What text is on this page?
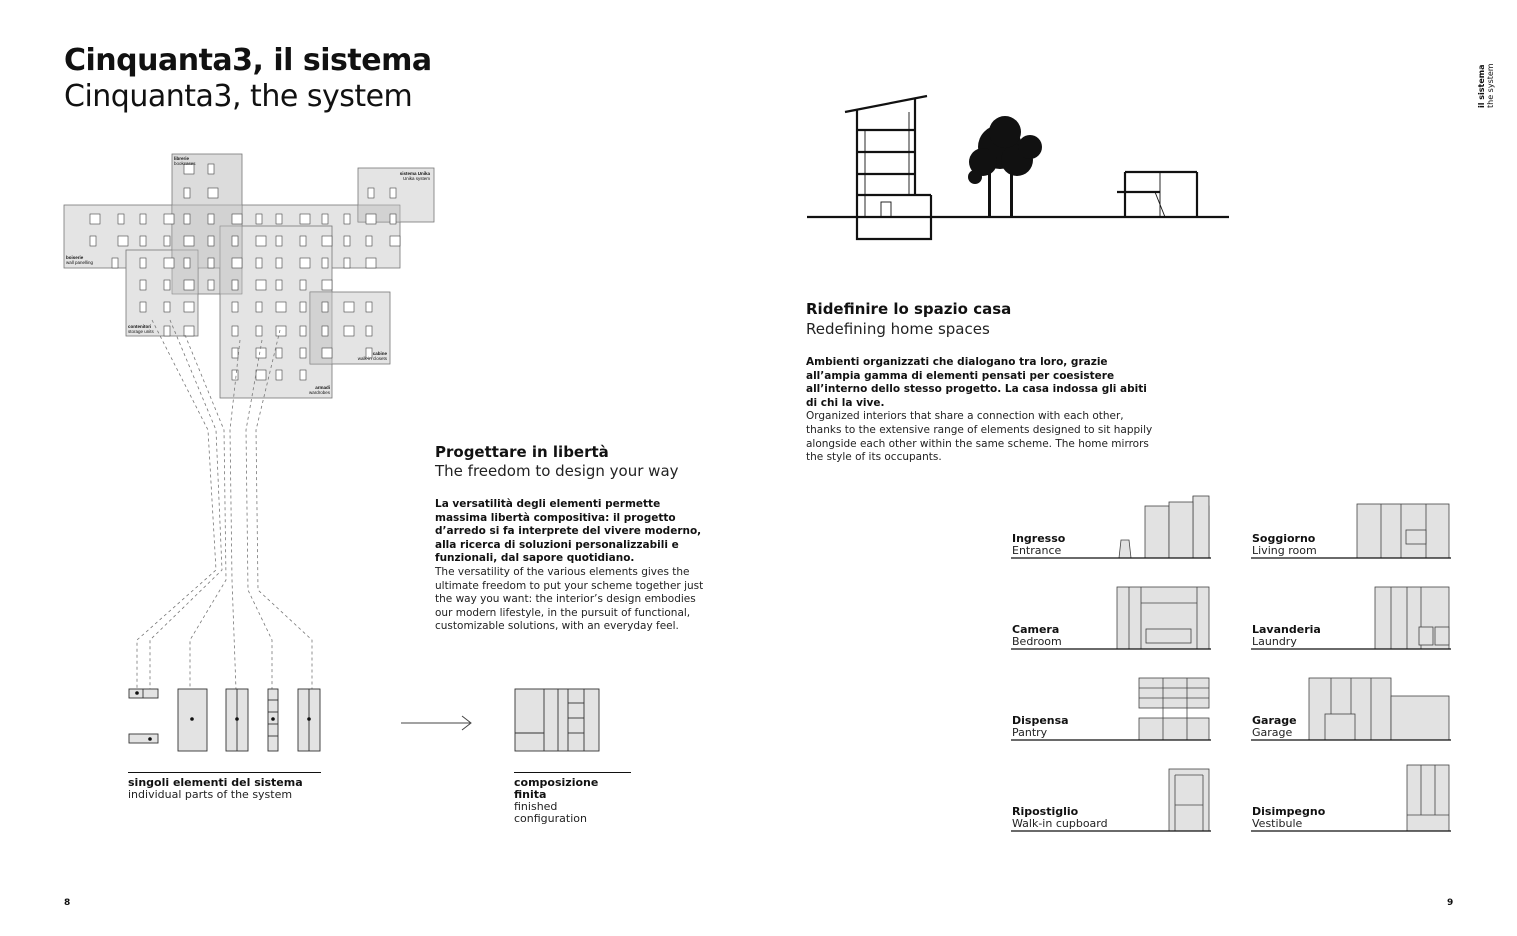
Cinquanta3, il sistema
Cinquanta3, the system	il sistema the system
librerie
bookcases
sistema Unika
Unika system
boiserie
wall panelling
contenitori
storage units
cabine
walk-in closets
armadi
wardrobes
singoli elementi del sistema
individual parts of the system
composizione finita
finished configuration
Progettare in libertà
The freedom to design your way
La versatilità degli elementi permette massima libertà compositiva: il progetto d’arredo si fa interprete del vivere moderno, alla ricerca di soluzioni personalizzabili e funzionali, dal sapore quotidiano.
The versatility of the various elements gives the ultimate freedom to put your scheme together just the way you want: the interior’s design embodies our modern lifestyle, in the pursuit of functional, customizable solutions, with an everyday feel.
Ridefinire lo spazio casa
Redefining home spaces
Ambienti organizzati che dialogano tra loro, grazie all’ampia gamma di elementi pensati per coesistere all’interno dello stesso progetto. La casa indossa gli abiti di chi la vive.
Organized interiors that share a connection with each other, thanks to the extensive range of elements designed to sit happily alongside each other within the same scheme. The home mirrors the style of its occupants.
Ingresso
Entrance
Soggiorno
Living room
Camera
Bedroom
Lavanderia
Laundry
Dispensa
Pantry
Garage
Garage
Ripostiglio
Walk-in cupboard
Disimpegno
Vestibule
8	9
